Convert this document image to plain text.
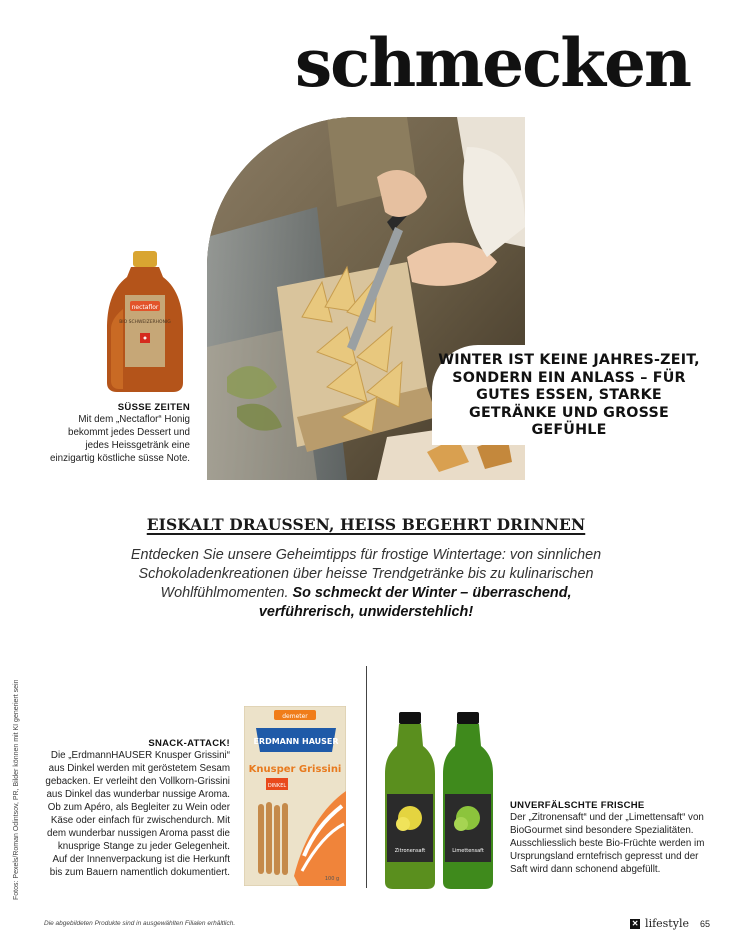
schmecken
WINTER IST KEINE JAHRES-ZEIT, SONDERN EIN ANLASS – FÜR GUTES ESSEN, STARKE GETRÄNKE UND GROSSE GEFÜHLE
nectaflor
BIO SCHWEIZERHONIG
SÜSSE ZEITEN
Mit dem „Nectaflor“ Honig bekommt jedes Dessert und jedes Heissgetränk eine einzigartig köstliche süsse Note.
EISKALT DRAUSSEN, HEISS BEGEHRT DRINNEN
Entdecken Sie unsere Geheimtipps für frostige Wintertage: von sinnlichen Schokoladenkreationen über heisse Trendgetränke bis zu kulinarischen Wohlfühlmomenten. So schmeckt der Winter – überraschend, verführerisch, unwiderstehlich!
Fotos: Pexels/Roman Odintsov, PR, Bilder können mit KI generiert sein	SNACK-ATTACK!
Die „ErdmannHAUSER Knusper Grissini“ aus Dinkel werden mit geröstetem Sesam gebacken. Er verleiht den Vollkorn-Grissini aus Dinkel das wunderbar nussige Aroma. Ob zum Apéro, als Begleiter zu Wein oder Käse oder einfach für zwischendurch. Mit dem wunderbar nussigen Aroma passt die knusprige Stange zu jeder Gelegenheit. Auf der Innenverpackung ist die Herkunft bis zum Bauern namentlich dokumentiert.
demeter
ERDMANN HAUSER
Knusper Grissini
DINKEL
100 g
Zitronensaft	Limettensaft
UNVERFÄLSCHTE FRISCHE
Der „Zitronensaft“ und der „Limettensaft“ von BioGourmet sind besondere Spezialitäten. Ausschliesslich beste Bio-Früchte werden im Ursprungsland erntefrisch gepresst und der Saft wird dann schonend abgefüllt.
Die abgebildeten Produkte sind in ausgewählten Filialen erhältlich.	✕ lifestyle 65
